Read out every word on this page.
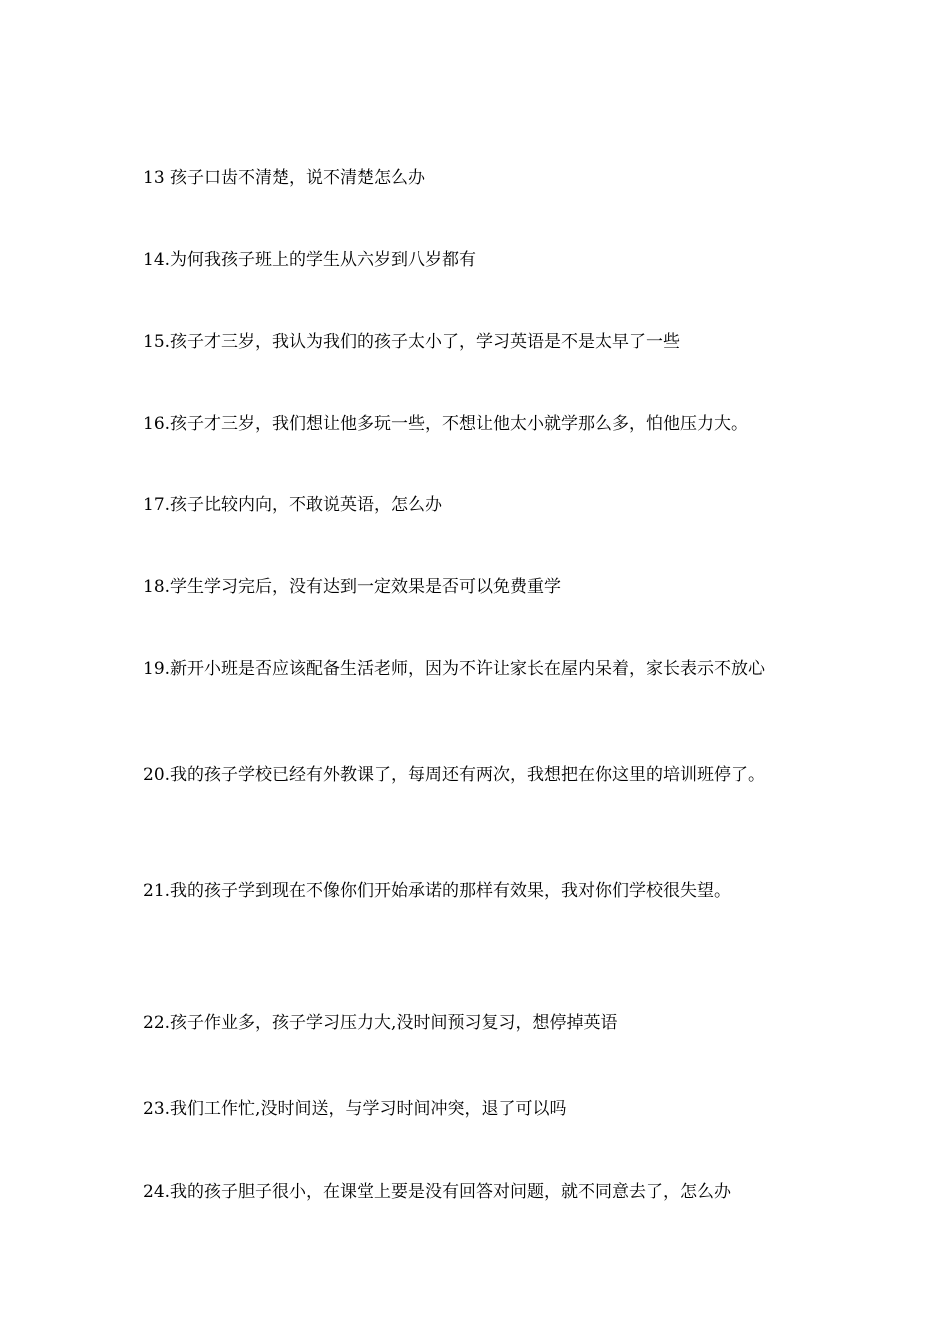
13 孩子口齿不清楚，说不清楚怎么办
14.为何我孩子班上的学生从六岁到八岁都有
15.孩子才三岁，我认为我们的孩子太小了，学习英语是不是太早了一些
16.孩子才三岁，我们想让他多玩一些，不想让他太小就学那么多，怕他压力大。
17.孩子比较内向，不敢说英语，怎么办
18.学生学习完后，没有达到一定效果是否可以免费重学
19.新开小班是否应该配备生活老师，因为不许让家长在屋内呆着，家长表示不放心
20.我的孩子学校已经有外教课了，每周还有两次，我想把在你这里的培训班停了。
21.我的孩子学到现在不像你们开始承诺的那样有效果，我对你们学校很失望。
22.孩子作业多，孩子学习压力大,没时间预习复习，想停掉英语
23.我们工作忙,没时间送，与学习时间冲突，退了可以吗
24.我的孩子胆子很小，在课堂上要是没有回答对问题，就不同意去了，怎么办
